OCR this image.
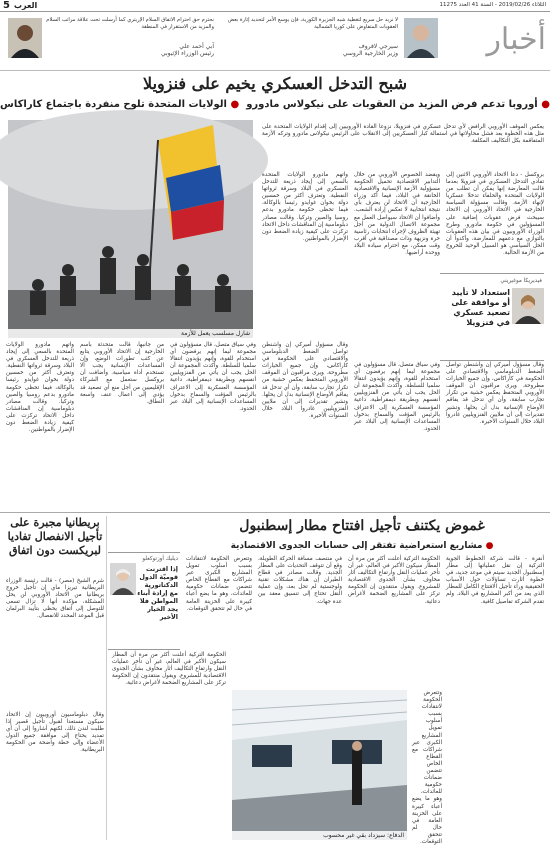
5 العرب	الثلاثاء 2019/02/26 - السنة 41 العدد 11275
أخبار
لا نريد حل سريع لتغطية شبه الجزيرة الكورية، فإن يوسع الأمر لتحديد إثارة بعض العقوبات المتفاوض على كوريا الشمالية
سيرجي لافروف
وزير الخارجية الروسي
نحترم حق احترام الاتفاق السلام الإريتري كما أرسلت تحت علاقة مراتب السلام والمزيد من الاستقرار في المنطقة
آبي أحمد علي
رئيس الوزراء الإثيوبي
شبح التدخل العسكري يخيم على فنزويلا
● أوروبا تدعم فرض المزيد من العقوبات على نيكولاس مادورو  ● الولايات المتحدة تلوح منفردة باجتماع كاراكاس
شارل مسلسب يعمل للأزمة
يعكس الموقف الأوروبي الرافض لأي تدخل عسكري في فنزويلا، نزوعا القادة الأوروبيين إلى إقدام الولايات المتحدة على مثل هذه الخطوة بعد فشل محاولاتها في استمالة كبار العسكريين إلى الانقلاب على الرئيس نيكولاس مادورو وتركه الأزمة المتفاقمة بكل التكاليف المكلفة.
بروكسل - دعا الاتحاد الأوروبي الاثنين إلى تفادي التدخل العسكري في فنزويلا بعدما قالت المعارضة إنها يمكن أن تطلب من الولايات المتحدة والحلفاء تدخلا عسكريا لإنهاء الأزمة. وقالت مسؤولة السياسة الخارجية في الاتحاد الأوروبي إن الاتحاد سيبحث فرض عقوبات إضافية على المسؤولين في حكومة مادورو. وطرح الوزراء الأوروبيون في بيان هذه العقوبات بالتوازي مع دعمهم للمعارضة، وأكدوا أن الحل السياسي هو السبيل الوحيد للخروج من الأزمة الحالية.
ويقضد الخصوص الأوروبي من خلال التدابير الاقتصادية تحميل الحكومة مسؤولية الأزمة الإنسانية والاقتصادية الخانقة في البلاد، فيما أكد وزراء الخارجية أن الاتحاد لن يعترف بأي نتيجة انتخابية لا تعكس إرادة الشعب. وأضافوا أن الاتحاد سيواصل العمل مع مجموعة الاتصال الدولية من أجل تهيئة الظروف لإجراء انتخابات رئاسية حرة ونزيهة وذات مصداقية في أقرب وقت ممكن، مع احترام سيادة البلاد ووحدة أراضيها.
واتهم مادورو الولايات المتحدة بالسعي إلى إيجاد ذريعة للتدخل العسكري في البلاد وسرقة ثرواتها النفطية. وتعترف أكثر من خمسين دولة بخوان غوايدو رئيسا بالوكالة، فيما تحظى حكومة مادورو بدعم روسيا والصين وتركيا. وقالت مصادر دبلوماسية إن المناقشات داخل الاتحاد تركزت على كيفية زيادة الضغط دون الإضرار بالمواطنين.
فيديريكا موغيريني
استعداد لا تأييد أو موافقة على تصعيد عسكري في فنزويلا
وقال مسؤول أميركي إن واشنطن تواصل الضغط الدبلوماسي والاقتصادي على الحكومة في كاراكاس، وإن جميع الخيارات مطروحة. ويرى مراقبون أن الموقف الأوروبي المتحفظ يعكس خشية من تكرار تجارب سابقة، وأن أي تدخل قد يفاقم الأوضاع الإنسانية بدل أن يحلها. وتشير تقديرات إلى أن ملايين الفنزويليين غادروا البلاد خلال السنوات الأخيرة.
وفي سياق متصل، قال مسؤولون في مجموعة ليما إنهم يرفضون أي استخدام للقوة، وإنهم يؤيدون انتقالا سلميا للسلطة. وأكدت المجموعة أن الحل يجب أن يأتي من الفنزويليين أنفسهم وبطريقة ديمقراطية، داعية المؤسسة العسكرية إلى الاعتراف بالرئيس المؤقت والسماح بدخول المساعدات الإنسانية إلى البلاد عبر الحدود.
وقال مسؤول أميركي إن واشنطن تواصل الضغط الدبلوماسي والاقتصادي على الحكومة في كاراكاس، وإن جميع الخيارات مطروحة. ويرى مراقبون أن الموقف الأوروبي المتحفظ يعكس خشية من تكرار تجارب سابقة، وأن أي تدخل قد يفاقم الأوضاع الإنسانية بدل أن يحلها. وتشير تقديرات إلى أن ملايين الفنزويليين غادروا البلاد خلال السنوات الأخيرة.
وفي سياق متصل، قال مسؤولون في مجموعة ليما إنهم يرفضون أي استخدام للقوة، وإنهم يؤيدون انتقالا سلميا للسلطة. وأكدت المجموعة أن الحل يجب أن يأتي من الفنزويليين أنفسهم وبطريقة ديمقراطية، داعية المؤسسة العسكرية إلى الاعتراف بالرئيس المؤقت والسماح بدخول المساعدات الإنسانية إلى البلاد عبر الحدود.
من جانبها، قالت متحدثة باسم الخارجية إن الاتحاد الأوروبي يتابع عن كثب تطورات الوضع، وإن المساعدات الإنسانية يجب ألا تستخدم أداة سياسية. وأضافت أن بروكسل ستعمل مع الشركاء الإقليميين من أجل منع أي تصعيد قد يؤدي إلى أعمال عنف واسعة النطاق.
واتهم مادورو الولايات المتحدة بالسعي إلى إيجاد ذريعة للتدخل العسكري في البلاد وسرقة ثرواتها النفطية. وتعترف أكثر من خمسين دولة بخوان غوايدو رئيسا بالوكالة، فيما تحظى حكومة مادورو بدعم روسيا والصين وتركيا. وقالت مصادر دبلوماسية إن المناقشات داخل الاتحاد تركزت على كيفية زيادة الضغط دون الإضرار بالمواطنين.
غموض يكتنف تأجيل افتتاح مطار إسطنبول
● مشاريع استعراضية تفتقر إلى حسابات الجدوى الاقتصادية
أنقرة - قالت شركة الخطوط الجوية التركية إن نقل عملياتها إلى مطار إسطنبول الجديد سيتم في موعد جديد، في خطوة أثارت تساؤلات حول الأسباب الحقيقية وراء تأجيل الافتتاح الكامل للمطار الذي يعد من أكبر المشاريع في البلاد. ولم تقدم الشركة تفاصيل كافية.
الحكومة التركية أعلنت أكثر من مرة أن المطار سيكون الأكبر في العالم، غير أن تأخر عمليات النقل وارتفاع التكاليف أثار مخاوف بشأن الجدوى الاقتصادية للمشروع. ويقول منتقدون إن الحكومة تركز على المشاريع الضخمة لأغراض دعائية.
في منتصف مسافة الحركة الطويلة، وقع أن تتوقف التحديات على المطار الجديد. وقالت مصادر في قطاع الطيران إن هناك مشكلات تقنية ولوجستية لم تحل بعد، وإن عملية النقل تحتاج إلى تنسيق معقد بين عدة جهات.
وتتعرض الحكومة لانتقادات بسبب أسلوب تمويل المشاريع الكبرى عبر شراكات مع القطاع الخاص تتضمن ضمانات حكومية للعائدات، وهو ما يضع أعباء كبيرة على الخزينة العامة في حال لم تتحقق التوقعات.
الحكومة التركية أعلنت أكثر من مرة أن المطار سيكون الأكبر في العالم، غير أن تأخر عمليات النقل وارتفاع التكاليف أثار مخاوف بشأن الجدوى الاقتصادية للمشروع. ويقول منتقدون إن الحكومة تركز على المشاريع الضخمة لأغراض دعائية.
وتتعرض الحكومة لانتقادات بسبب أسلوب تمويل المشاريع الكبرى عبر شراكات مع القطاع الخاص تتضمن ضمانات حكومية للعائدات، وهو ما يضع أعباء كبيرة على الخزينة العامة في حال لم تتحقق التوقعات.
ديليك أوزتوكغلو
إذا اقترنت قوميّة الدول الدكتاتورية مع إرادة أبناء المواطن فلا يجد الخيار الأخير
الدفاع: سيزداد بقي غير محسوب
بريطانيا مجبرة على تأجيل الانفصال تفاديا لبريكست دون اتفاق
شرم الشيخ (مصر) - قالت رئيسة الوزراء البريطانية تيريزا ماي إن تأجيل خروج بريطانيا من الاتحاد الأوروبي لن يحل المشكلة، مؤكدة أنها لا تزال تسعى للتوصل إلى اتفاق يحظى بتأييد البرلمان قبل الموعد المحدد للانفصال.
وقال دبلوماسيون أوروبيون إن الاتحاد سيكون مستعدا لقبول تأجيل قصير إذا طلبت لندن ذلك، لكنهم أشاروا إلى أن أي تمديد يحتاج إلى موافقة جميع الدول الأعضاء وإلى خطة واضحة من الحكومة البريطانية.
